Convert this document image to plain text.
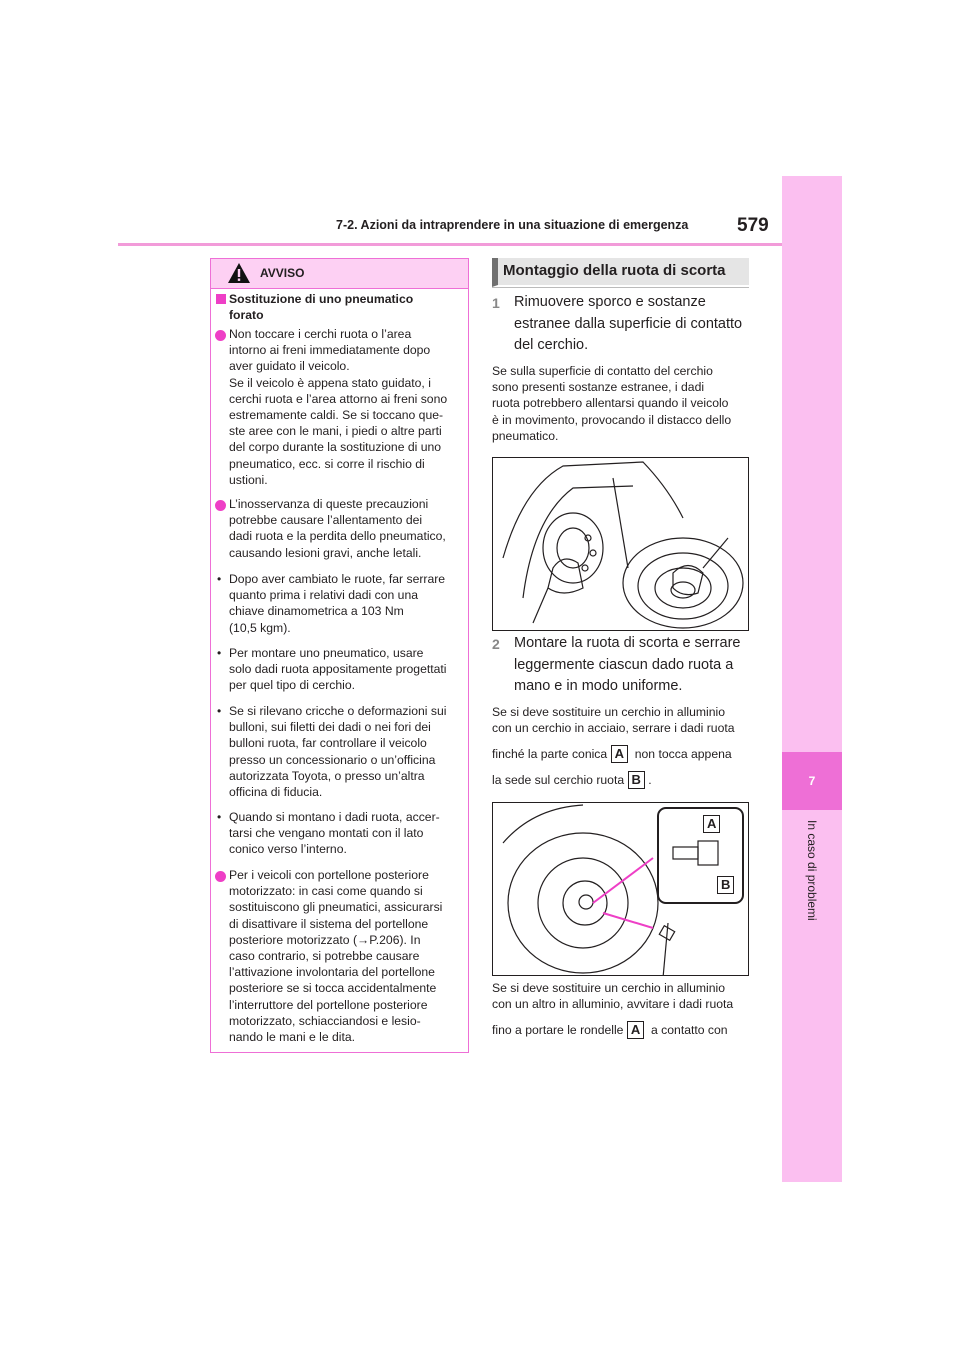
7-2. Azioni da intraprendere in una situazione di emergenza	579
7
In caso di problemi
AVVISO
Sostituzione di uno pneumatico
forato
Non toccare i cerchi ruota o l’area
intorno ai freni immediatamente dopo
aver guidato il veicolo.
Se il veicolo è appena stato guidato, i
cerchi ruota e l’area attorno ai freni sono
estremamente caldi. Se si toccano que-
ste aree con le mani, i piedi o altre parti
del corpo durante la sostituzione di uno
pneumatico, ecc. si corre il rischio di
ustioni.
L’inosservanza di queste precauzioni
potrebbe causare l’allentamento dei
dadi ruota e la perdita dello pneumatico,
causando lesioni gravi, anche letali.
• Dopo aver cambiato le ruote, far serrare
quanto prima i relativi dadi con una
chiave dinamometrica a 103 Nm
(10,5 kgm).
• Per montare uno pneumatico, usare
solo dadi ruota appositamente progettati
per quel tipo di cerchio.
• Se si rilevano cricche o deformazioni sui
bulloni, sui filetti dei dadi o nei fori dei
bulloni ruota, far controllare il veicolo
presso un concessionario o un’officina
autorizzata Toyota, o presso un’altra
officina di fiducia.
• Quando si montano i dadi ruota, accer-
tarsi che vengano montati con il lato
conico verso l’interno.
Per i veicoli con portellone posteriore
motorizzato: in casi come quando si
sostituiscono gli pneumatici, assicurarsi
di disattivare il sistema del portellone
posteriore motorizzato (→P.206). In
caso contrario, si potrebbe causare
l’attivazione involontaria del portellone
posteriore se si tocca accidentalmente
l’interruttore del portellone posteriore
motorizzato, schiacciandosi e lesio-
nando le mani e le dita.
Montaggio della ruota di scorta
1 Rimuovere sporco e sostanze
estranee dalla superficie di contatto
del cerchio.
Se sulla superficie di contatto del cerchio
sono presenti sostanze estranee, i dadi
ruota potrebbero allentarsi quando il veicolo
è in movimento, provocando il distacco dello
pneumatico.
2 Montare la ruota di scorta e serrare
leggermente ciascun dado ruota a
mano e in modo uniforme.
Se si deve sostituire un cerchio in alluminio
con un cerchio in acciaio, serrare i dadi ruota
finché la parte conica A non tocca appena
la sede sul cerchio ruota B .
A
B
Se si deve sostituire un cerchio in alluminio
con un altro in alluminio, avvitare i dadi ruota
fino a portare le rondelle A a contatto con
